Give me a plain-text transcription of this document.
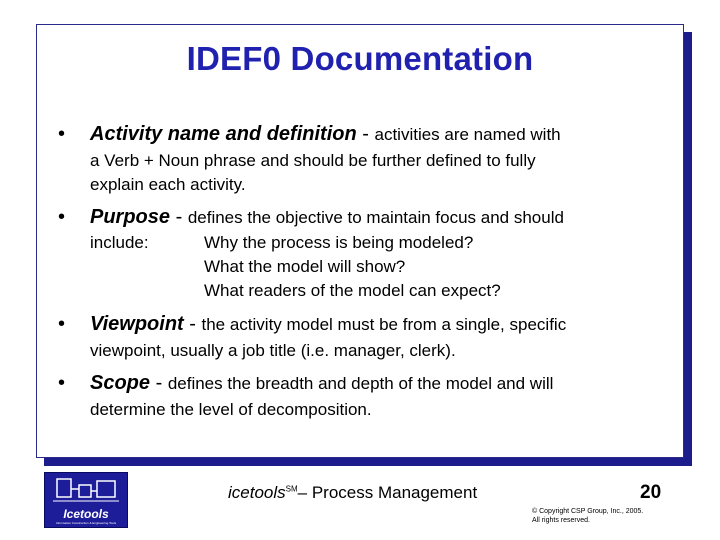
IDEF0 Documentation
• Activity name and definition - activities are named with
a Verb + Noun phrase and should be further defined to fully
explain each activity.
• Purpose - defines the objective to maintain focus and should
include:	Why the process is being modeled?
What the model will show?
What readers of the model can expect?
• Viewpoint - the activity model must be from a single, specific
viewpoint, usually a job title (i.e. manager, clerk).
• Scope - defines the breadth and depth of the model and will
determine the level of decomposition.
Icetools
Information Construction & Engineering Tools
icetools℠– Process Management	20
© Copyright CSP Group, Inc., 2005.
All rights reserved.
